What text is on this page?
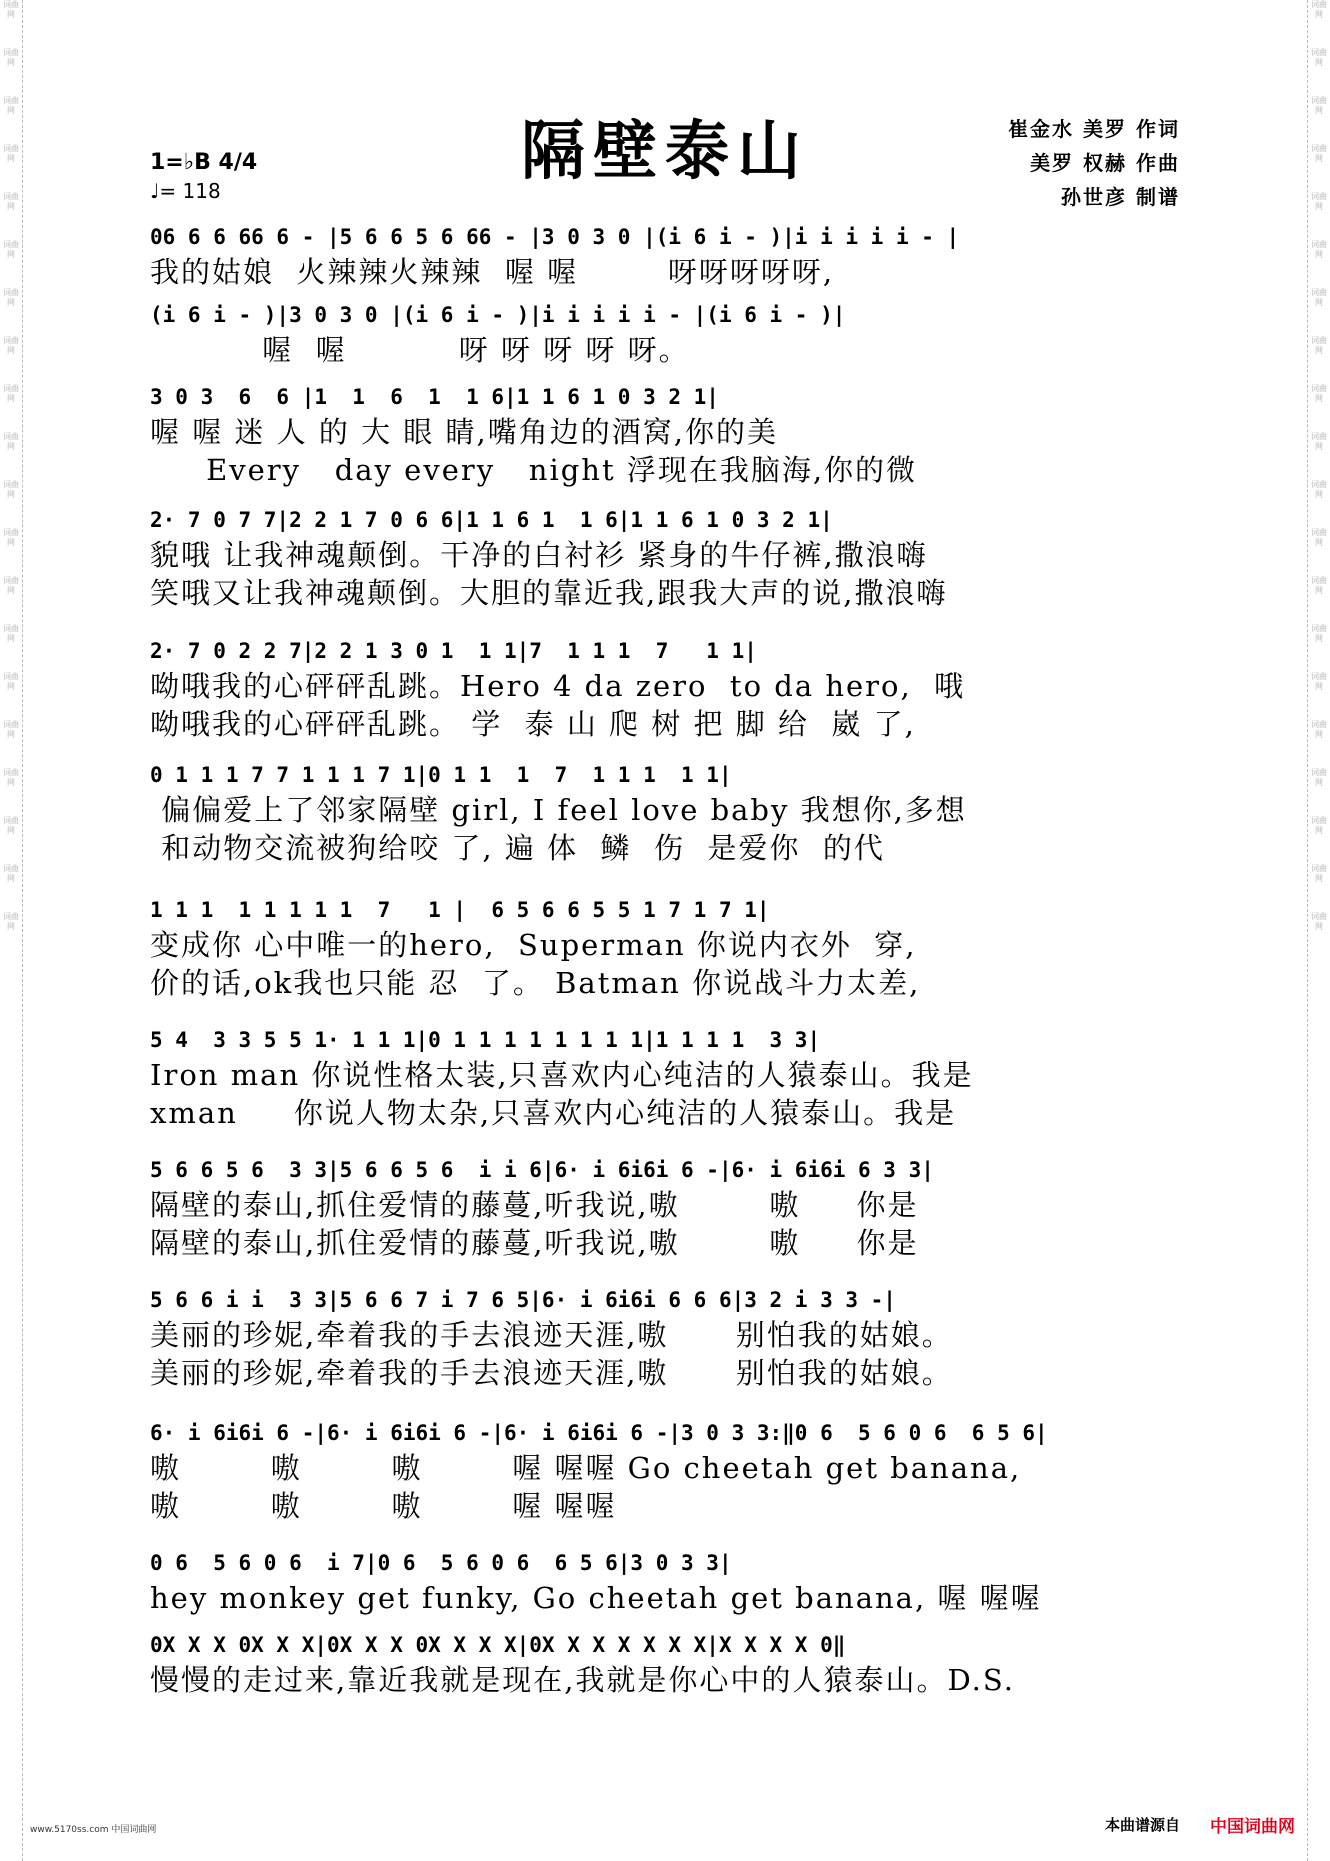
词曲网
词曲网
词曲网
词曲网
词曲网
词曲网
词曲网
词曲网
词曲网
词曲网
词曲网
词曲网
词曲网
词曲网
词曲网
词曲网
词曲网
词曲网
词曲网
词曲网
词曲网
词曲网
词曲网
词曲网
词曲网
词曲网
词曲网
词曲网
词曲网
词曲网
词曲网
词曲网
词曲网
词曲网
词曲网
词曲网
词曲网
词曲网
词曲网
词曲网
隔壁泰山
1=♭B 4/4
♩= 118
崔金水 美罗 作词
美罗 权赫 作曲
孙世彦 制谱
06 6 6 66 6 - |5 6 6 5 6 66 - |3 0 3 0 |(i 6 i - )|i i i i i - |
我的姑娘  火辣辣火辣辣  喔 喔        呀呀呀呀呀,
(i 6 i - )|3 0 3 0 |(i 6 i - )|i i i i i - |(i 6 i - )|
喔  喔          呀 呀 呀 呀 呀。
3 0 3  6  6 |1  1  6  1  1 6|1 1 6 1 0 3 2 1|
喔 喔 迷 人 的 大 眼 睛,嘴角边的酒窝,你的美
Every   day every   night 浮现在我脑海,你的微
2· 7 0 7 7|2 2 1 7 0 6 6|1 1 6 1  1 6|1 1 6 1 0 3 2 1|
貌哦 让我神魂颠倒。干净的白衬衫 紧身的牛仔裤,撒浪嗨
笑哦又让我神魂颠倒。大胆的靠近我,跟我大声的说,撒浪嗨
2· 7 0 2 2 7|2 2 1 3 0 1  1 1|7  1 1 1  7   1 1|
呦哦我的心砰砰乱跳。Hero 4 da zero  to da hero,  哦
呦哦我的心砰砰乱跳。 学  泰 山 爬 树 把 脚 给  崴 了,
0 1 1 1 7 7 1 1 1 7 1|0 1 1  1  7  1 1 1  1 1|
偏偏爱上了邻家隔壁 girl, I feel love baby 我想你,多想
和动物交流被狗给咬 了, 遍 体  鳞  伤  是爱你  的代
1 1 1  1 1 1 1 1  7   1 |  6 5 6 6 5 5 1 7 1 7 1|
变成你 心中唯一的hero,  Superman 你说内衣外  穿,
价的话,ok我也只能 忍  了。 Batman 你说战斗力太差,
5 4  3 3 5 5 1· 1 1 1|0 1 1 1 1 1 1 1 1|1 1 1 1  3 3|
Iron man 你说性格太装,只喜欢内心纯洁的人猿泰山。我是
xman     你说人物太杂,只喜欢内心纯洁的人猿泰山。我是
5 6 6 5 6  3 3|5 6 6 5 6  i i 6|6· i 6i6i 6 -|6· i 6i6i 6 3 3|
隔壁的泰山,抓住爱情的藤蔓,听我说,嗷        嗷     你是
隔壁的泰山,抓住爱情的藤蔓,听我说,嗷        嗷     你是
5 6 6 i i  3 3|5 6 6 7 i 7 6 5|6· i 6i6i 6 6 6|3 2 i 3 3 -|
美丽的珍妮,牵着我的手去浪迹天涯,嗷      别怕我的姑娘。
美丽的珍妮,牵着我的手去浪迹天涯,嗷      别怕我的姑娘。
6· i 6i6i 6 -|6· i 6i6i 6 -|6· i 6i6i 6 -|3 0 3 3:‖0 6  5 6 0 6  6 5 6|
嗷        嗷        嗷        喔 喔喔 Go cheetah get banana,
嗷        嗷        嗷        喔 喔喔
0 6  5 6 0 6  i 7|0 6  5 6 0 6  6 5 6|3 0 3 3|
hey monkey get funky, Go cheetah get banana, 喔 喔喔
0X X X 0X X X|0X X X 0X X X X|0X X X X X X X|X X X X 0‖
慢慢的走过来,靠近我就是现在,我就是你心中的人猿泰山。D.S.
www.5170ss.com 中国词曲网	本曲谱源自 中国词曲网
